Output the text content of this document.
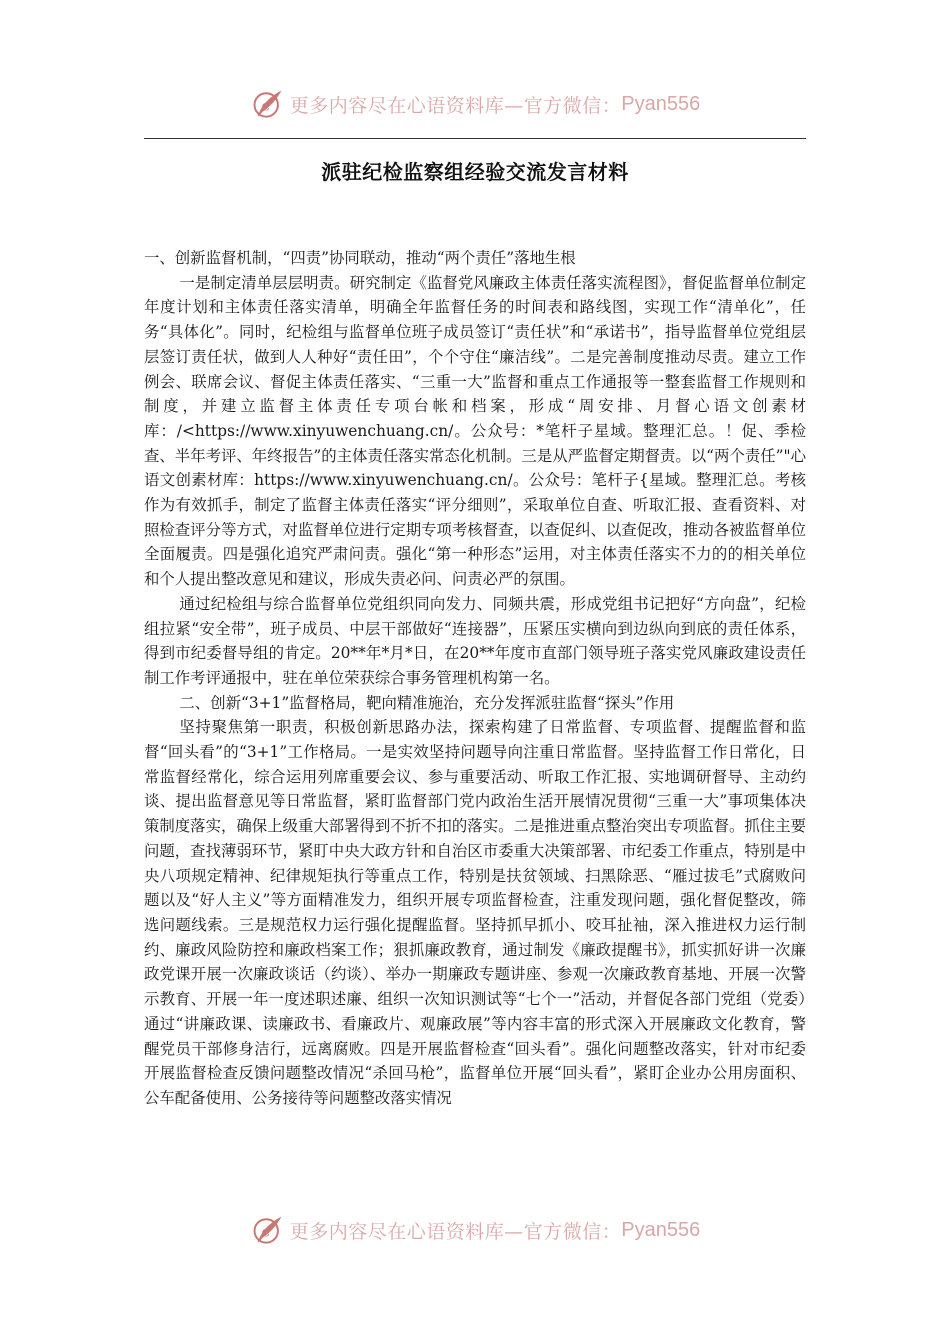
C 更多内容尽在心语资料库—官方微信： Pyan556
派驻纪检监察组经验交流发言材料

一、创新监督机制，“四责”协同联动，推动“两个责任”落地生根

一是制定清单层层明责。研究制定《监督党风廉政主体责任落实流程图》，督促监督单位制定年度计划和主体责任落实清单，明确全年监督任务的时间表和路线图，实现工作“清单化”，任务“具体化”。同时，纪检组与监督单位班子成员签订“责任状”和“承诺书”，指导监督单位党组层层签订责任状，做到人人种好“责任田”，个个守住“廉洁线”。二是完善制度推动尽责。建立工作例会、联席会议、督促主体责任落实、“三重一大”监督和重点工作通报等一整套监督工作规则和制度，并建立监督主体责任专项台帐和档案，形成“周安排、月督心语文创素材库：/<https://www.xinyuwenchuang.cn/。公众号：*笔杆子星域。整理汇总。！促、季检查、半年考评、年终报告”的主体责任落实常态化机制。三是从严监督定期督责。以“两个责任”"心语文创素材库：https://www.xinyuwenchuang.cn/。公众号：笔杆子{星域。整理汇总。考核作为有效抓手，制定了监督主体责任落实“评分细则”，采取单位自查、听取汇报、查看资料、对照检查评分等方式，对监督单位进行定期专项考核督查，以查促纠、以查促改，推动各被监督单位全面履责。四是强化追究严肃问责。强化“第一种形态”运用，对主体责任落实不力的的相关单位和个人提出整改意见和建议，形成失责必问、问责必严的氛围。

通过纪检组与综合监督单位党组织同向发力、同频共震，形成党组书记把好“方向盘”，纪检组拉紧“安全带”，班子成员、中层干部做好“连接器”，压紧压实横向到边纵向到底的责任体系，得到市纪委督导组的肯定。20**年*月*日，在20**年度市直部门领导班子落实党风廉政建设责任制工作考评通报中，驻在单位荣获综合事务管理机构第一名。

二、创新“3+1”监督格局，靶向精准施治，充分发挥派驻监督“探头”作用

坚持聚焦第一职责，积极创新思路办法，探索构建了日常监督、专项监督、提醒监督和监督“回头看”的“3+1”工作格局。一是实效坚持问题导向注重日常监督。坚持监督工作日常化，日常监督经常化，综合运用列席重要会议、参与重要活动、听取工作汇报、实地调研督导、主动约谈、提出监督意见等日常监督，紧盯监督部门党内政治生活开展情况贯彻“三重一大”事项集体决策制度落实，确保上级重大部署得到不折不扣的落实。二是推进重点整治突出专项监督。抓住主要问题，查找薄弱环节，紧盯中央大政方针和自治区市委重大决策部署、市纪委工作重点，特别是中央八项规定精神、纪律规矩执行等重点工作，特别是扶贫领域、扫黑除恶、“雁过拔毛”式腐败问题以及“好人主义”等方面精准发力，组织开展专项监督检查，注重发现问题，强化督促整改，筛选问题线索。三是规范权力运行强化提醒监督。坚持抓早抓小、咬耳扯袖，深入推进权力运行制约、廉政风险防控和廉政档案工作；狠抓廉政教育，通过制发《廉政提醒书》，抓实抓好讲一次廉政党课开展一次廉政谈话（约谈）、举办一期廉政专题讲座、参观一次廉政教育基地、开展一次警示教育、开展一年一度述职述廉、组织一次知识测试等“七个一”活动，并督促各部门党组（党委）通过“讲廉政课、读廉政书、看廉政片、观廉政展”等内容丰富的形式深入开展廉政文化教育，警醒党员干部修身洁行，远离腐败。四是开展监督检查“回头看”。强化问题整改落实，针对市纪委开展监督检查反馈问题整改情况“杀回马枪”，监督单位开展“回头看”，紧盯企业办公用房面积、公车配备使用、公务接待等问题整改落实情况

C 更多内容尽在心语资料库—官方微信： Pyan556
